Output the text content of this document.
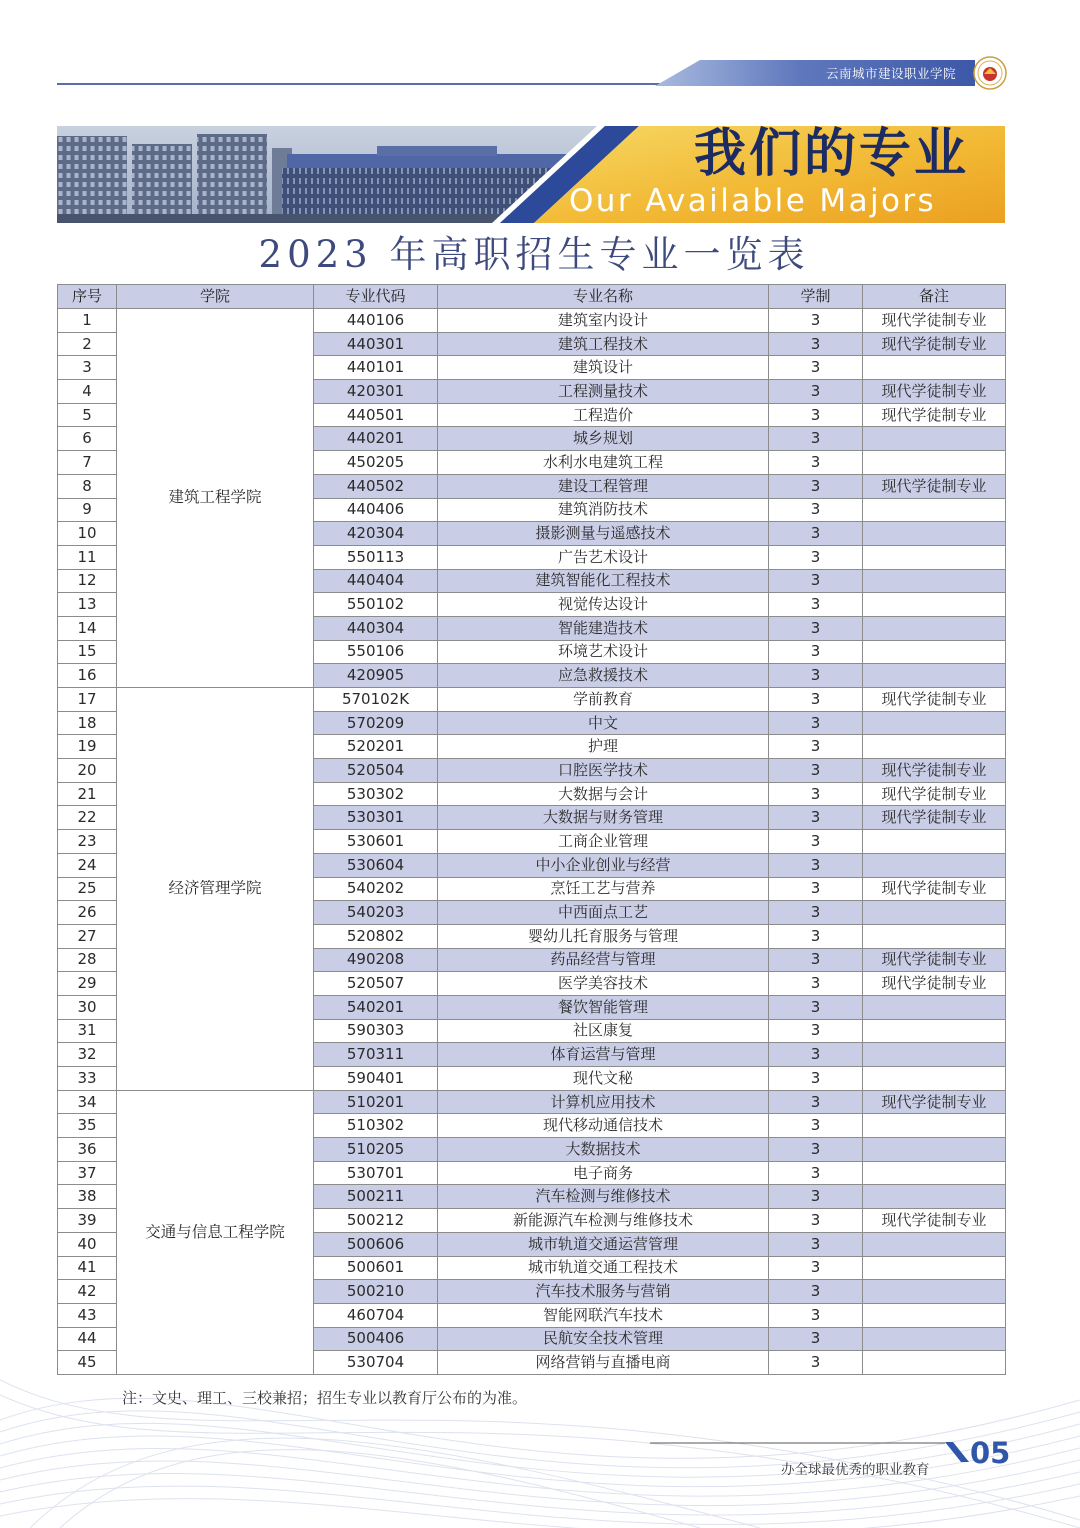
云南城市建设职业学院
我们的专业
Our Available Majors
2023 年高职招生专业一览表
序号	学院	专业代码	专业名称	学制	备注
1	建筑工程学院	440106	建筑室内设计	3	现代学徒制专业
2		440301	建筑工程技术	3	现代学徒制专业
3		440101	建筑设计	3	
4		420301	工程测量技术	3	现代学徒制专业
5		440501	工程造价	3	现代学徒制专业
6		440201	城乡规划	3	
7		450205	水利水电建筑工程	3	
8		440502	建设工程管理	3	现代学徒制专业
9		440406	建筑消防技术	3	
10		420304	摄影测量与遥感技术	3	
11		550113	广告艺术设计	3	
12		440404	建筑智能化工程技术	3	
13		550102	视觉传达设计	3	
14		440304	智能建造技术	3	
15		550106	环境艺术设计	3	
16		420905	应急救援技术	3	
17	经济管理学院	570102K	学前教育	3	现代学徒制专业
18		570209	中文	3	
19		520201	护理	3	
20		520504	口腔医学技术	3	现代学徒制专业
21		530302	大数据与会计	3	现代学徒制专业
22		530301	大数据与财务管理	3	现代学徒制专业
23		530601	工商企业管理	3	
24		530604	中小企业创业与经营	3	
25		540202	烹饪工艺与营养	3	现代学徒制专业
26		540203	中西面点工艺	3	
27		520802	婴幼儿托育服务与管理	3	
28		490208	药品经营与管理	3	现代学徒制专业
29		520507	医学美容技术	3	现代学徒制专业
30		540201	餐饮智能管理	3	
31		590303	社区康复	3	
32		570311	体育运营与管理	3	
33		590401	现代文秘	3	
34	交通与信息工程学院	510201	计算机应用技术	3	现代学徒制专业
35		510302	现代移动通信技术	3	
36		510205	大数据技术	3	
37		530701	电子商务	3	
38		500211	汽车检测与维修技术	3	
39		500212	新能源汽车检测与维修技术	3	现代学徒制专业
40		500606	城市轨道交通运营管理	3	
41		500601	城市轨道交通工程技术	3	
42		500210	汽车技术服务与营销	3	
43		460704	智能网联汽车技术	3	
44		500406	民航安全技术管理	3	
45		530704	网络营销与直播电商	3	
注：文史、理工、三校兼招；招生专业以教育厅公布的为准。
05
办全球最优秀的职业教育
